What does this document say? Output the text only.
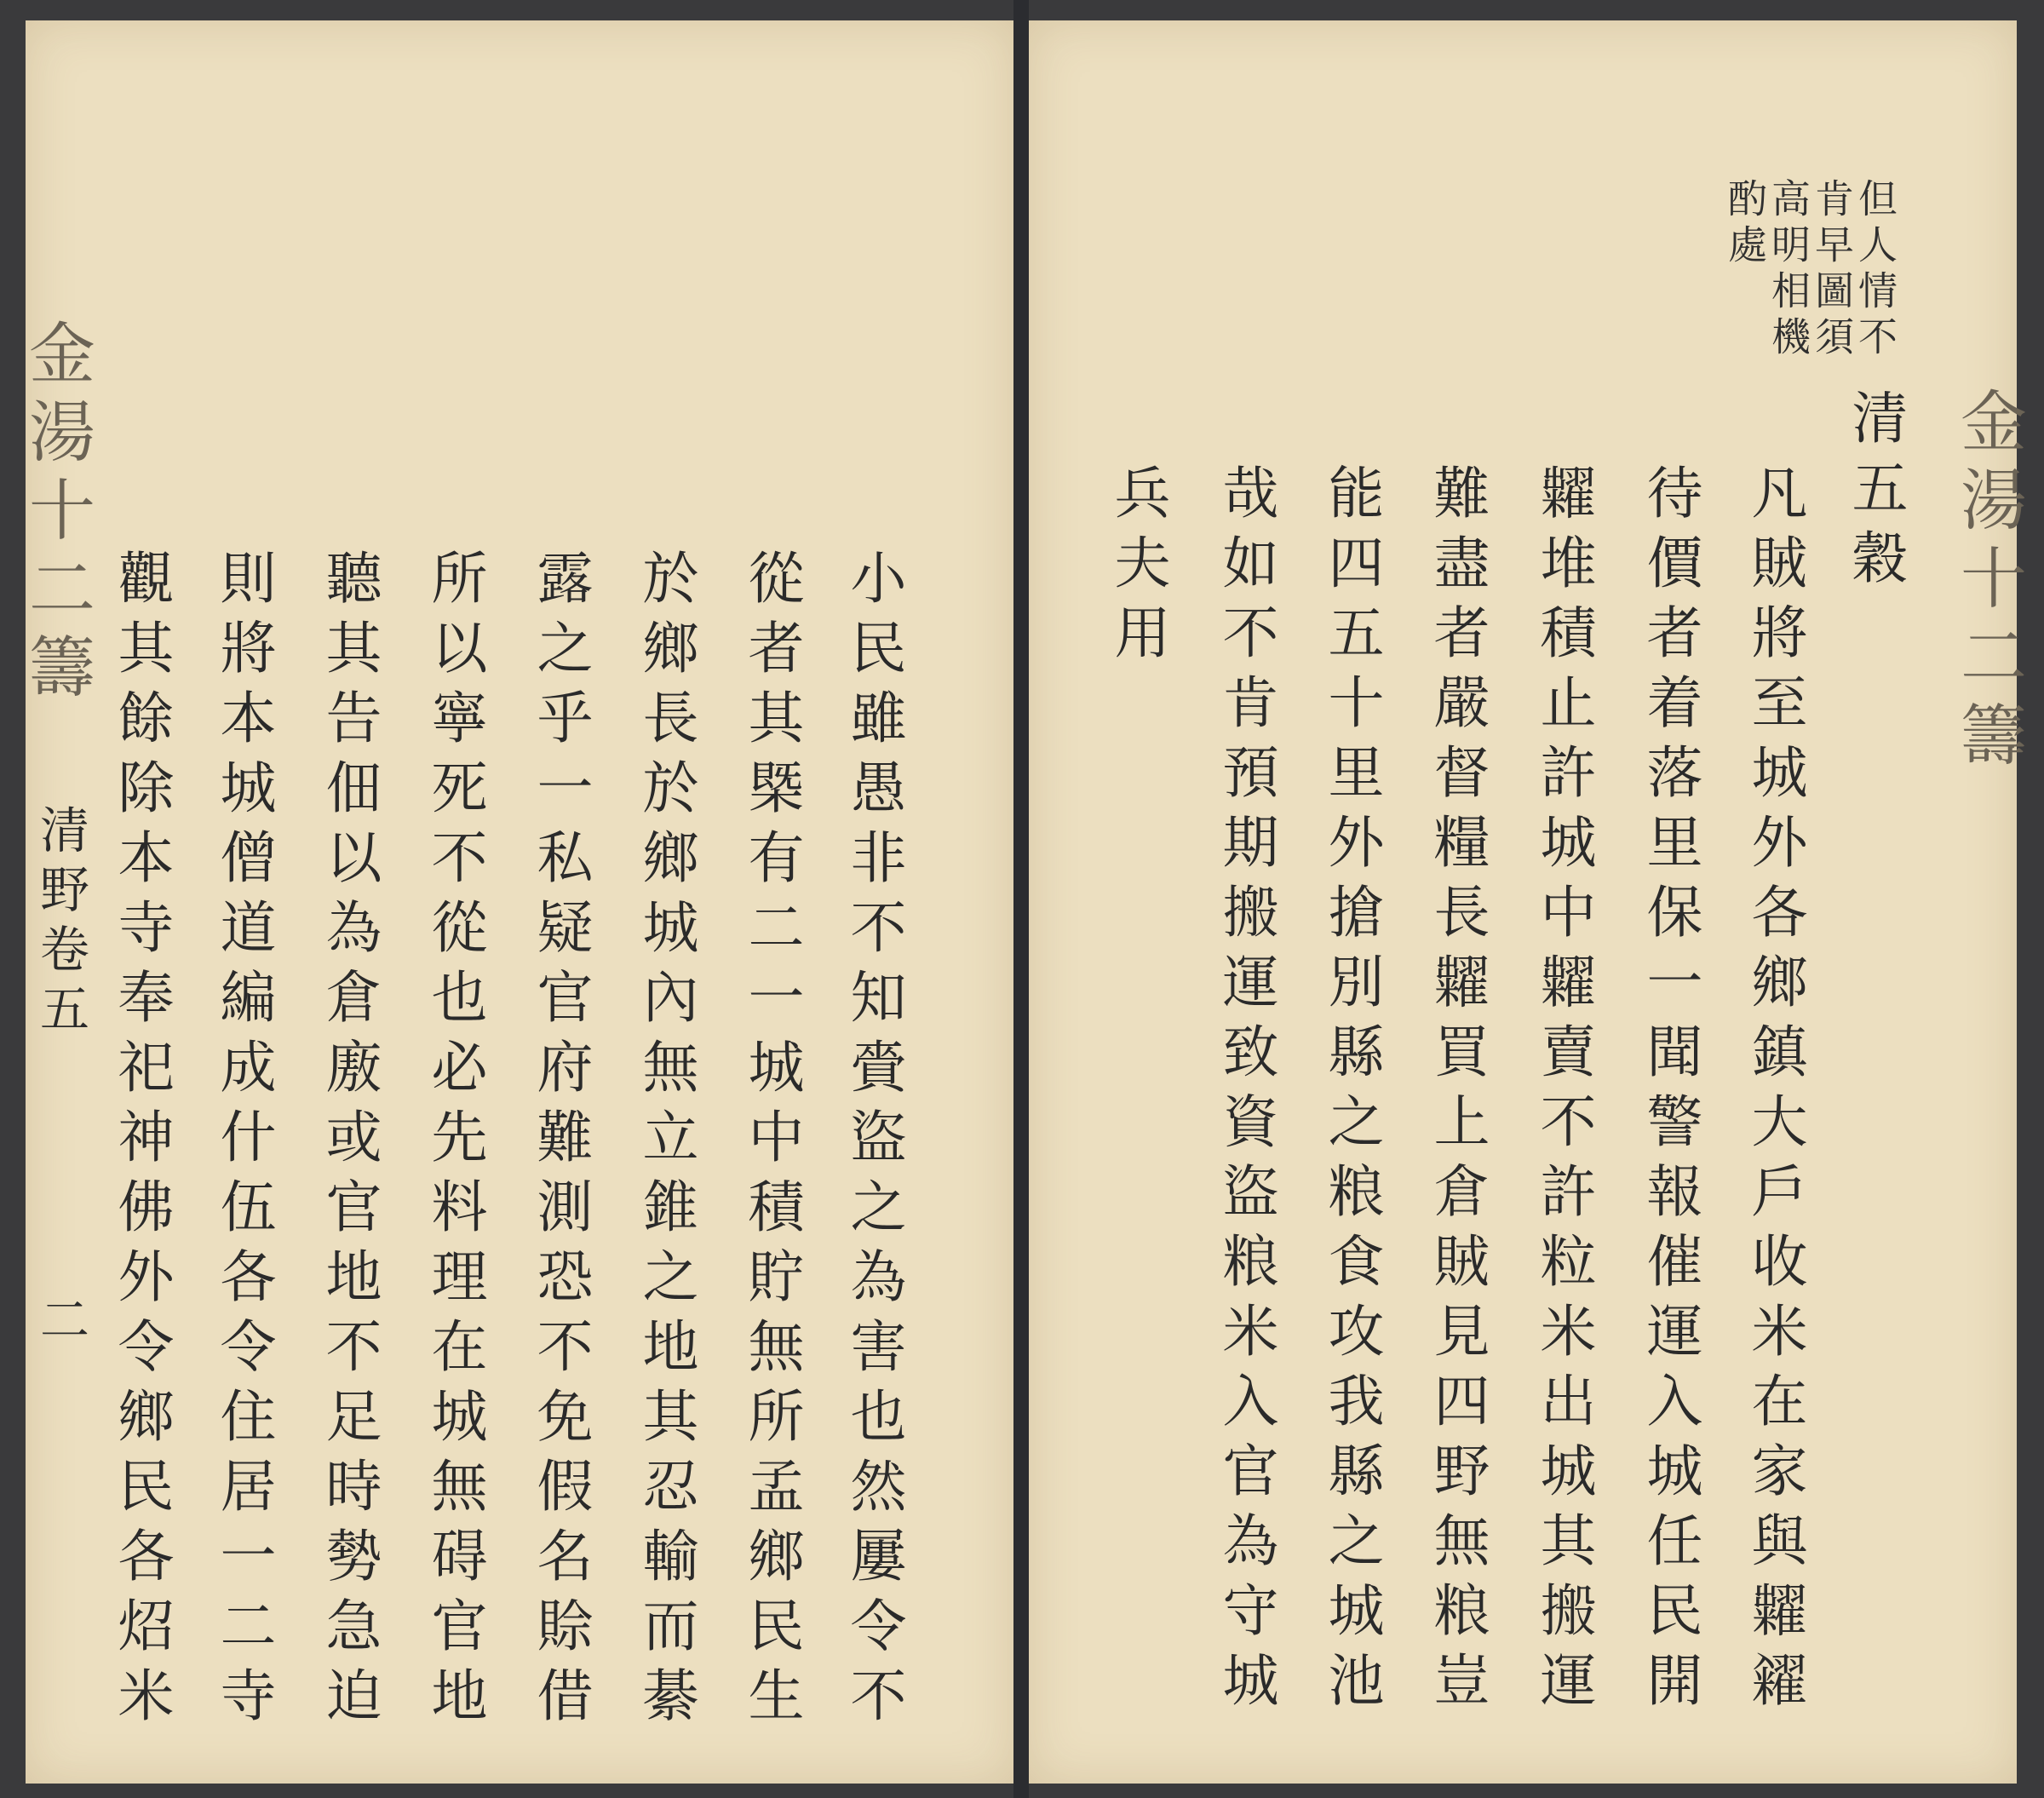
金湯十二籌
清野卷五
二	小民雖愚非不知賫盜之為害也然屢令不
從者其槩有二一城中積貯無所孟鄉民生
於鄉長於鄉城內無立錐之地其忍輸而綦
露之乎一私疑官府難測恐不免假名賒借
所以寧死不從也必先料理在城無碍官地
聽其告佃以為倉廒或官地不足時勢急迫
則將本城僧道編成什伍各令住居一二寺
觀其餘除本寺奉祀神佛外令鄉民各炤米	金湯十二籌
但人情不
肯早圖須
高明相機
酌處
清五穀
凡賊將至城外各鄉鎮大戶收米在家與糶糴
待價者着落里保一聞警報催運入城任民開
糶堆積止許城中糶賣不許粒米出城其搬運
難盡者嚴督糧長糶買上倉賊見四野無粮豈
能四五十里外搶別縣之粮食攻我縣之城池
哉如不肯預期搬運致資盜粮米入官為守城
兵夫用
